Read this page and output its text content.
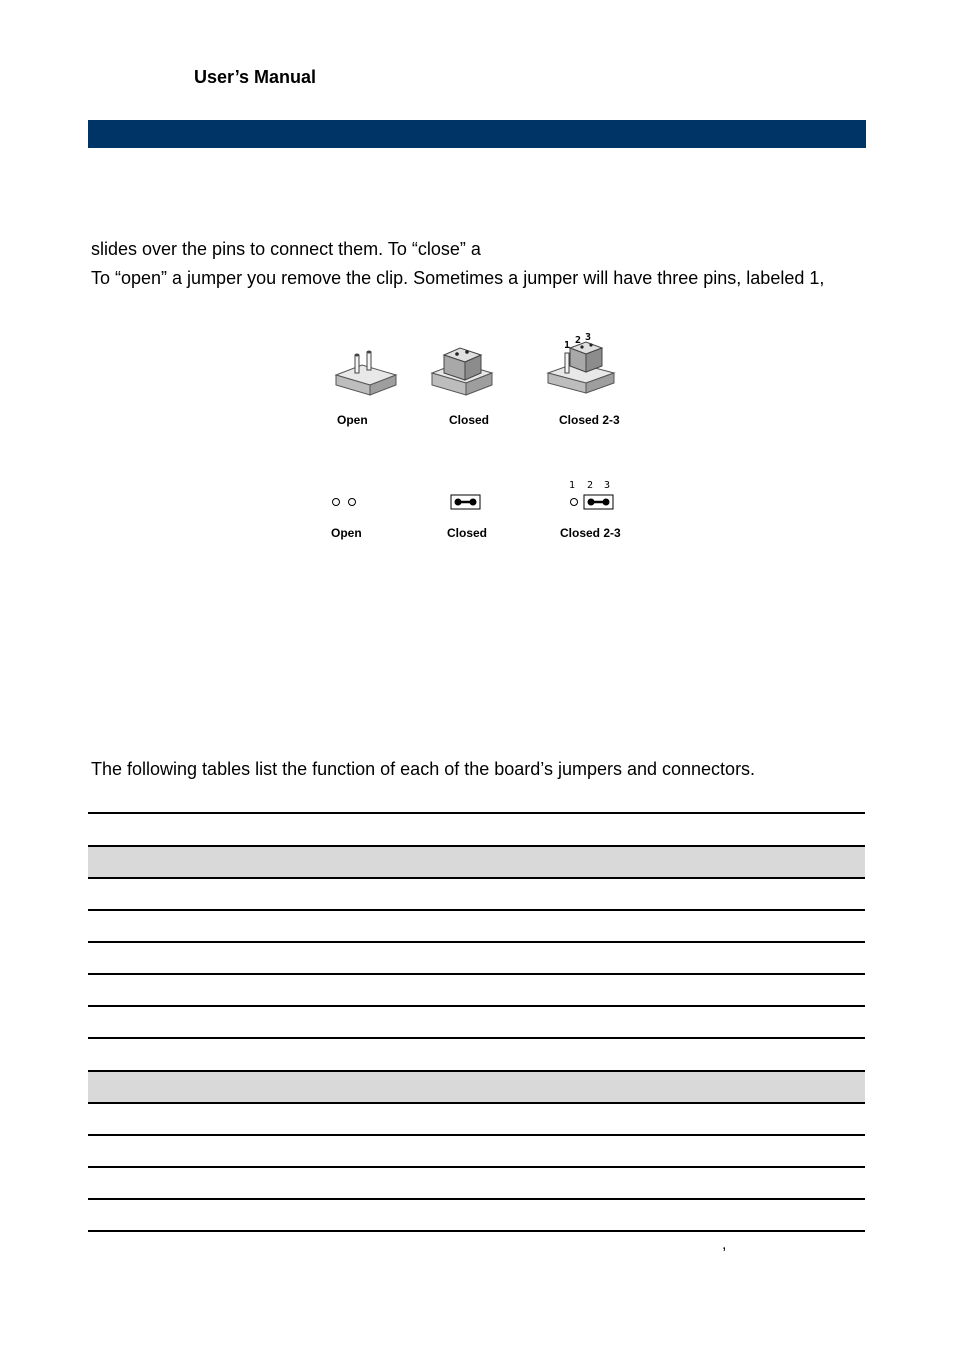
User’s Manual
slides over the pins to connect them. To “close” a
To “open” a jumper you remove the clip. Sometimes a jumper will have three pins, labeled 1,
1 2 3
Open	Closed	Closed 2-3
1 2 3
Open	Closed	Closed 2-3
The following tables list the function of each of the board’s jumpers and connectors.
,
